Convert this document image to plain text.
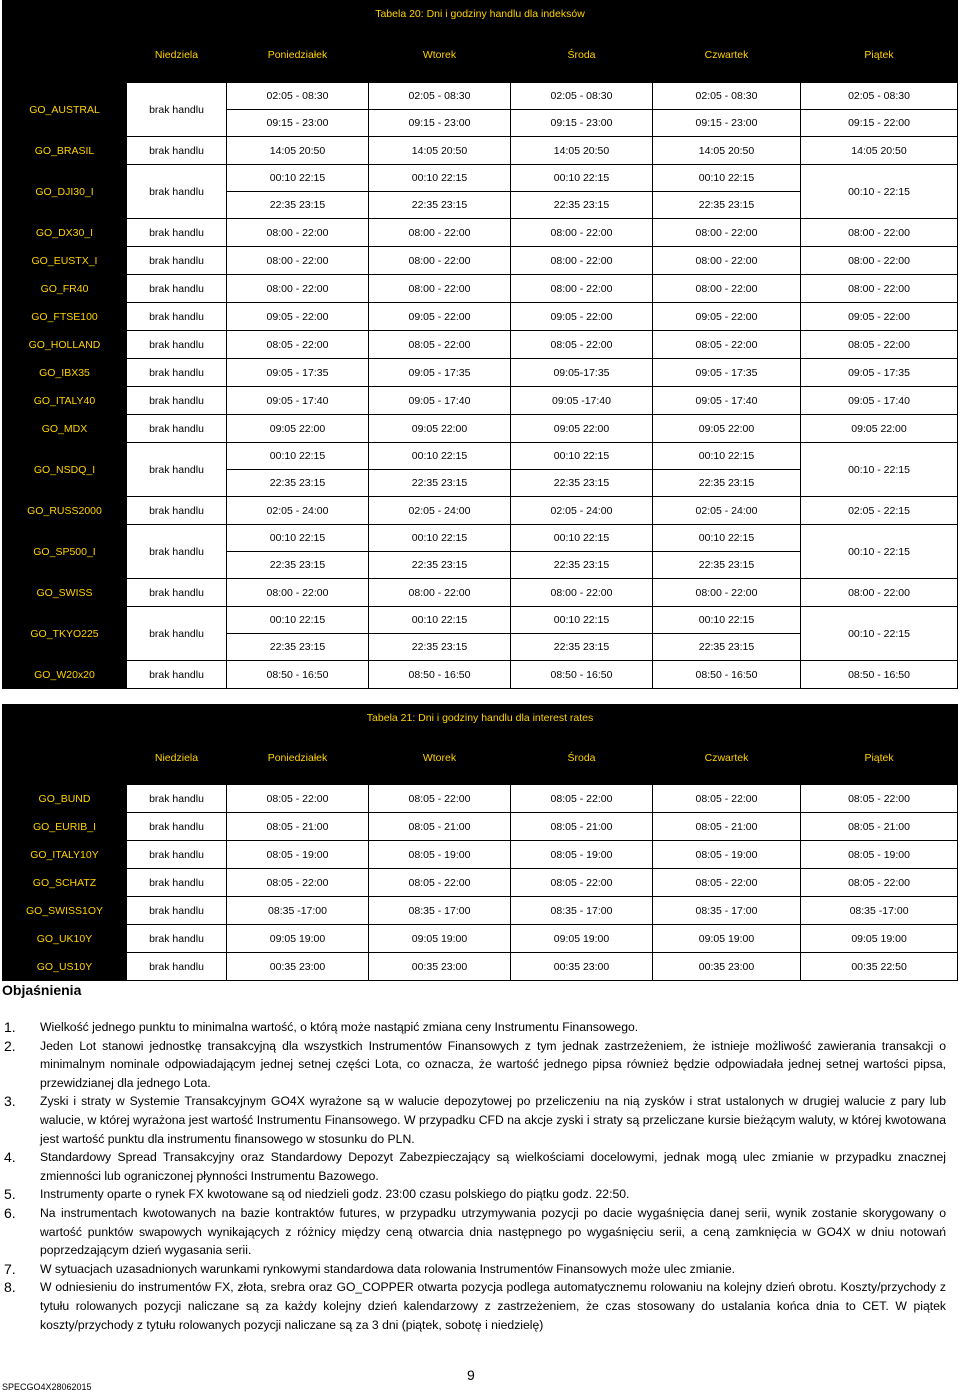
Tabela 20: Dni i godziny handlu dla indeksów						
	Niedziela	Poniedziałek	Wtorek	Środa	Czwartek	Piątek
GO_AUSTRAL	brak handlu	02:05 - 08:30	02:05 - 08:30	02:05 - 08:30	02:05 - 08:30	02:05 - 08:30
		09:15 - 23:00	09:15 - 23:00	09:15 - 23:00	09:15 - 23:00	09:15 - 22:00
GO_BRASIL	brak handlu	14:05 20:50	14:05 20:50	14:05 20:50	14:05 20:50	14:05 20:50
GO_DJI30_I	brak handlu	00:10 22:15	00:10 22:15	00:10 22:15	00:10 22:15	00:10 - 22:15
		22:35 23:15	22:35 23:15	22:35 23:15	22:35 23:15	
GO_DX30_I	brak handlu	08:00 - 22:00	08:00 - 22:00	08:00 - 22:00	08:00 - 22:00	08:00 - 22:00
GO_EUSTX_I	brak handlu	08:00 - 22:00	08:00 - 22:00	08:00 - 22:00	08:00 - 22:00	08:00 - 22:00
GO_FR40	brak handlu	08:00 - 22:00	08:00 - 22:00	08:00 - 22:00	08:00 - 22:00	08:00 - 22:00
GO_FTSE100	brak handlu	09:05 - 22:00	09:05 - 22:00	09:05 - 22:00	09:05 - 22:00	09:05 - 22:00
GO_HOLLAND	brak handlu	08:05 - 22:00	08:05 - 22:00	08:05 - 22:00	08:05 - 22:00	08:05 - 22:00
GO_IBX35	brak handlu	09:05 - 17:35	09:05 - 17:35	09:05-17:35	09:05 - 17:35	09:05 - 17:35
GO_ITALY40	brak handlu	09:05 - 17:40	09:05 - 17:40	09:05 -17:40	09:05 - 17:40	09:05 - 17:40
GO_MDX	brak handlu	09:05 22:00	09:05 22:00	09:05 22:00	09:05 22:00	09:05 22:00
GO_NSDQ_I	brak handlu	00:10 22:15	00:10 22:15	00:10 22:15	00:10 22:15	00:10 - 22:15
		22:35 23:15	22:35 23:15	22:35 23:15	22:35 23:15	
GO_RUSS2000	brak handlu	02:05 - 24:00	02:05 - 24:00	02:05 - 24:00	02:05 - 24:00	02:05 - 22:15
GO_SP500_I	brak handlu	00:10 22:15	00:10 22:15	00:10 22:15	00:10 22:15	00:10 - 22:15
		22:35 23:15	22:35 23:15	22:35 23:15	22:35 23:15	
GO_SWISS	brak handlu	08:00 - 22:00	08:00 - 22:00	08:00 - 22:00	08:00 - 22:00	08:00 - 22:00
GO_TKYO225	brak handlu	00:10 22:15	00:10 22:15	00:10 22:15	00:10 22:15	00:10 - 22:15
		22:35 23:15	22:35 23:15	22:35 23:15	22:35 23:15	
GO_W20x20	brak handlu	08:50 - 16:50	08:50 - 16:50	08:50 - 16:50	08:50 - 16:50	08:50 - 16:50
Tabela 21: Dni i godziny handlu dla interest rates						
	Niedziela	Poniedziałek	Wtorek	Środa	Czwartek	Piątek
GO_BUND	brak handlu	08:05 - 22:00	08:05 - 22:00	08:05 - 22:00	08:05 - 22:00	08:05 - 22:00
GO_EURIB_I	brak handlu	08:05 - 21:00	08:05 - 21:00	08:05 - 21:00	08:05 - 21:00	08:05 - 21:00
GO_ITALY10Y	brak handlu	08:05 - 19:00	08:05 - 19:00	08:05 - 19:00	08:05 - 19:00	08:05 - 19:00
GO_SCHATZ	brak handlu	08:05 - 22:00	08:05 - 22:00	08:05 - 22:00	08:05 - 22:00	08:05 - 22:00
GO_SWISS1OY	brak handlu	08:35 -17:00	08:35 - 17:00	08:35 - 17:00	08:35 - 17:00	08:35 -17:00
GO_UK10Y	brak handlu	09:05 19:00	09:05 19:00	09:05 19:00	09:05 19:00	09:05 19:00
GO_US10Y	brak handlu	00:35 23:00	00:35 23:00	00:35 23:00	00:35 23:00	00:35 22:50
Objaśnienia
1. Wielkość jednego punktu to minimalna wartość, o którą może nastąpić zmiana ceny Instrumentu Finansowego.
2. Jeden Lot stanowi jednostkę transakcyjną dla wszystkich Instrumentów Finansowych z tym jednak zastrzeżeniem, że istnieje możliwość zawierania transakcji o minimalnym nominale odpowiadającym jednej setnej części Lota, co oznacza, że wartość jednego pipsa również będzie odpowiadała jednej setnej wartości pipsa, przewidzianej dla jednego Lota.
3. Zyski i straty w Systemie Transakcyjnym GO4X wyrażone są w walucie depozytowej po przeliczeniu na nią zysków i strat ustalonych w drugiej walucie z pary lub walucie, w której wyrażona jest wartość Instrumentu Finansowego. W przypadku CFD na akcje zyski i straty są przeliczane kursie bieżącym waluty, w której kwotowana jest wartość punktu dla instrumentu finansowego w stosunku do PLN.
4. Standardowy Spread Transakcyjny oraz Standardowy Depozyt Zabezpieczający są wielkościami docelowymi, jednak mogą ulec zmianie w przypadku znacznej zmienności lub ograniczonej płynności Instrumentu Bazowego.
5. Instrumenty oparte o rynek FX kwotowane są od niedzieli godz. 23:00 czasu polskiego do piątku godz. 22:50.
6. Na instrumentach kwotowanych na bazie kontraktów futures, w przypadku utrzymywania pozycji po dacie wygaśnięcia danej serii, wynik zostanie skorygowany o wartość punktów swapowych wynikających z różnicy między ceną otwarcia dnia następnego po wygaśnięciu serii, a ceną zamknięcia w GO4X w dniu notowań poprzedzającym dzień wygasania serii.
7. W sytuacjach uzasadnionych warunkami rynkowymi standardowa data rolowania Instrumentów Finansowych może ulec zmianie.
8. W odniesieniu do instrumentów FX, złota, srebra oraz GO_COPPER otwarta pozycja podlega automatycznemu rolowaniu na kolejny dzień obrotu. Koszty/przychody z tytułu rolowanych pozycji naliczane są za każdy kolejny dzień kalendarzowy z zastrzeżeniem, że czas stosowany do ustalania końca dnia to CET. W piątek koszty/przychody z tytułu rolowanych pozycji naliczane są za 3 dni (piątek, sobotę i niedzielę)
9
SPECGO4X28062015
